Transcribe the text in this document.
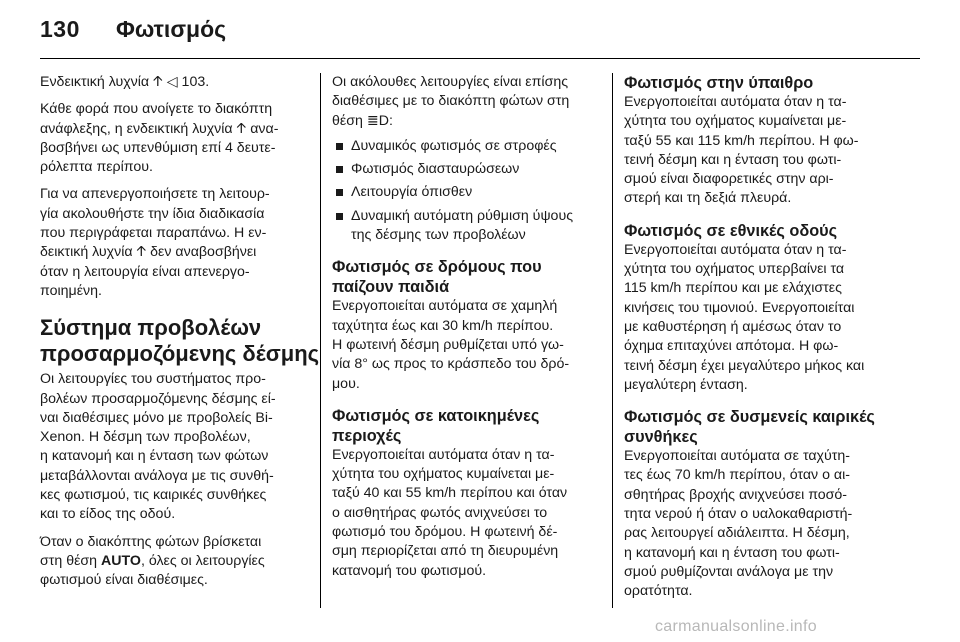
130 Φωτισμός
Ενδεικτική λυχνία 𐋇 ◁ 103.
Κάθε φορά που ανοίγετε το διακόπτη
ανάφλεξης, η ενδεικτική λυχνία 𐋇 ανα-
βοσβήνει ως υπενθύμιση επί 4 δευτε-
ρόλεπτα περίπου.
Για να απενεργοποιήσετε τη λειτουρ-
γία ακολουθήστε την ίδια διαδικασία
που περιγράφεται παραπάνω. Η εν-
δεικτική λυχνία 𐋇 δεν αναβοσβήνει
όταν η λειτουργία είναι απενεργο-
ποιημένη.
Σύστημα προβολέων
προσαρμοζόμενης δέσμης
Οι λειτουργίες του συστήματος προ-
βολέων προσαρμοζόμενης δέσμης εί-
ναι διαθέσιμες μόνο με προβολείς Bi-
Xenon. Η δέσμη των προβολέων,
η κατανομή και η ένταση των φώτων
μεταβάλλονται ανάλογα με τις συνθή-
κες φωτισμού, τις καιρικές συνθήκες
και το είδος της οδού.
Όταν ο διακόπτης φώτων βρίσκεται
στη θέση AUTO, όλες οι λειτουργίες
φωτισμού είναι διαθέσιμες.
Οι ακόλουθες λειτουργίες είναι επίσης
διαθέσιμες με το διακόπτη φώτων στη
θέση ≣D:
Δυναμικός φωτισμός σε στροφές
Φωτισμός διασταυρώσεων
Λειτουργία όπισθεν
Δυναμική αυτόματη ρύθμιση ύψους
της δέσμης των προβολέων
Φωτισμός σε δρόμους που
παίζουν παιδιά
Ενεργοποιείται αυτόματα σε χαμηλή
ταχύτητα έως και 30 km/h περίπου.
Η φωτεινή δέσμη ρυθμίζεται υπό γω-
νία 8° ως προς το κράσπεδο του δρό-
μου.
Φωτισμός σε κατοικημένες
περιοχές
Ενεργοποιείται αυτόματα όταν η τα-
χύτητα του οχήματος κυμαίνεται με-
ταξύ 40 και 55 km/h περίπου και όταν
ο αισθητήρας φωτός ανιχνεύσει το
φωτισμό του δρόμου. Η φωτεινή δέ-
σμη περιορίζεται από τη διευρυμένη
κατανομή του φωτισμού.
Φωτισμός στην ύπαιθρο
Ενεργοποιείται αυτόματα όταν η τα-
χύτητα του οχήματος κυμαίνεται με-
ταξύ 55 και 115 km/h περίπου. Η φω-
τεινή δέσμη και η ένταση του φωτι-
σμού είναι διαφορετικές στην αρι-
στερή και τη δεξιά πλευρά.
Φωτισμός σε εθνικές οδούς
Ενεργοποιείται αυτόματα όταν η τα-
χύτητα του οχήματος υπερβαίνει τα
115 km/h περίπου και με ελάχιστες
κινήσεις του τιμονιού. Ενεργοποιείται
με καθυστέρηση ή αμέσως όταν το
όχημα επιταχύνει απότομα. Η φω-
τεινή δέσμη έχει μεγαλύτερο μήκος και
μεγαλύτερη ένταση.
Φωτισμός σε δυσμενείς καιρικές
συνθήκες
Ενεργοποιείται αυτόματα σε ταχύτη-
τες έως 70 km/h περίπου, όταν ο αι-
σθητήρας βροχής ανιχνεύσει ποσό-
τητα νερού ή όταν ο υαλοκαθαριστή-
ρας λειτουργεί αδιάλειπτα. Η δέσμη,
η κατανομή και η ένταση του φωτι-
σμού ρυθμίζονται ανάλογα με την
ορατότητα.
carmanualsonline.info
